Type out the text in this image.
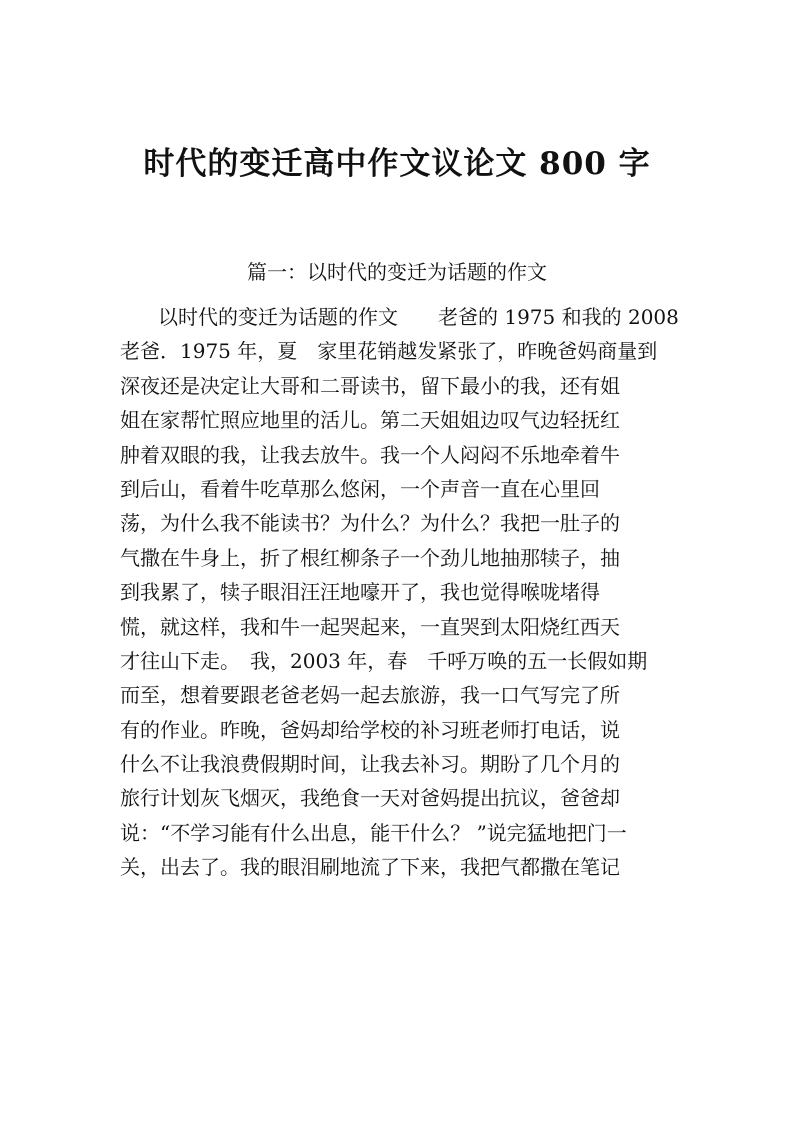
时代的变迁高中作文议论文 800 字
篇一：以时代的变迁为话题的作文
以时代的变迁为话题的作文　　老爸的 1975 和我的 2008
老爸．1975 年，夏　家里花销越发紧张了，昨晚爸妈商量到
深夜还是决定让大哥和二哥读书，留下最小的我，还有姐
姐在家帮忙照应地里的活儿。第二天姐姐边叹气边轻抚红
肿着双眼的我，让我去放牛。我一个人闷闷不乐地牵着牛
到后山，看着牛吃草那么悠闲，一个声音一直在心里回
荡，为什么我不能读书？为什么？为什么？我把一肚子的
气撒在牛身上，折了根红柳条子一个劲儿地抽那犊子，抽
到我累了，犊子眼泪汪汪地嚎开了，我也觉得喉咙堵得
慌，就这样，我和牛一起哭起来，一直哭到太阳烧红西天
才往山下走。　我，2003 年，春　千呼万唤的五一长假如期
而至，想着要跟老爸老妈一起去旅游，我一口气写完了所
有的作业。昨晚，爸妈却给学校的补习班老师打电话，说
什么不让我浪费假期时间，让我去补习。期盼了几个月的
旅行计划灰飞烟灭，我绝食一天对爸妈提出抗议，爸爸却
说：“不学习能有什么出息，能干什么？ ”说完猛地把门一
关，出去了。我的眼泪刷地流了下来，我把气都撒在笔记
